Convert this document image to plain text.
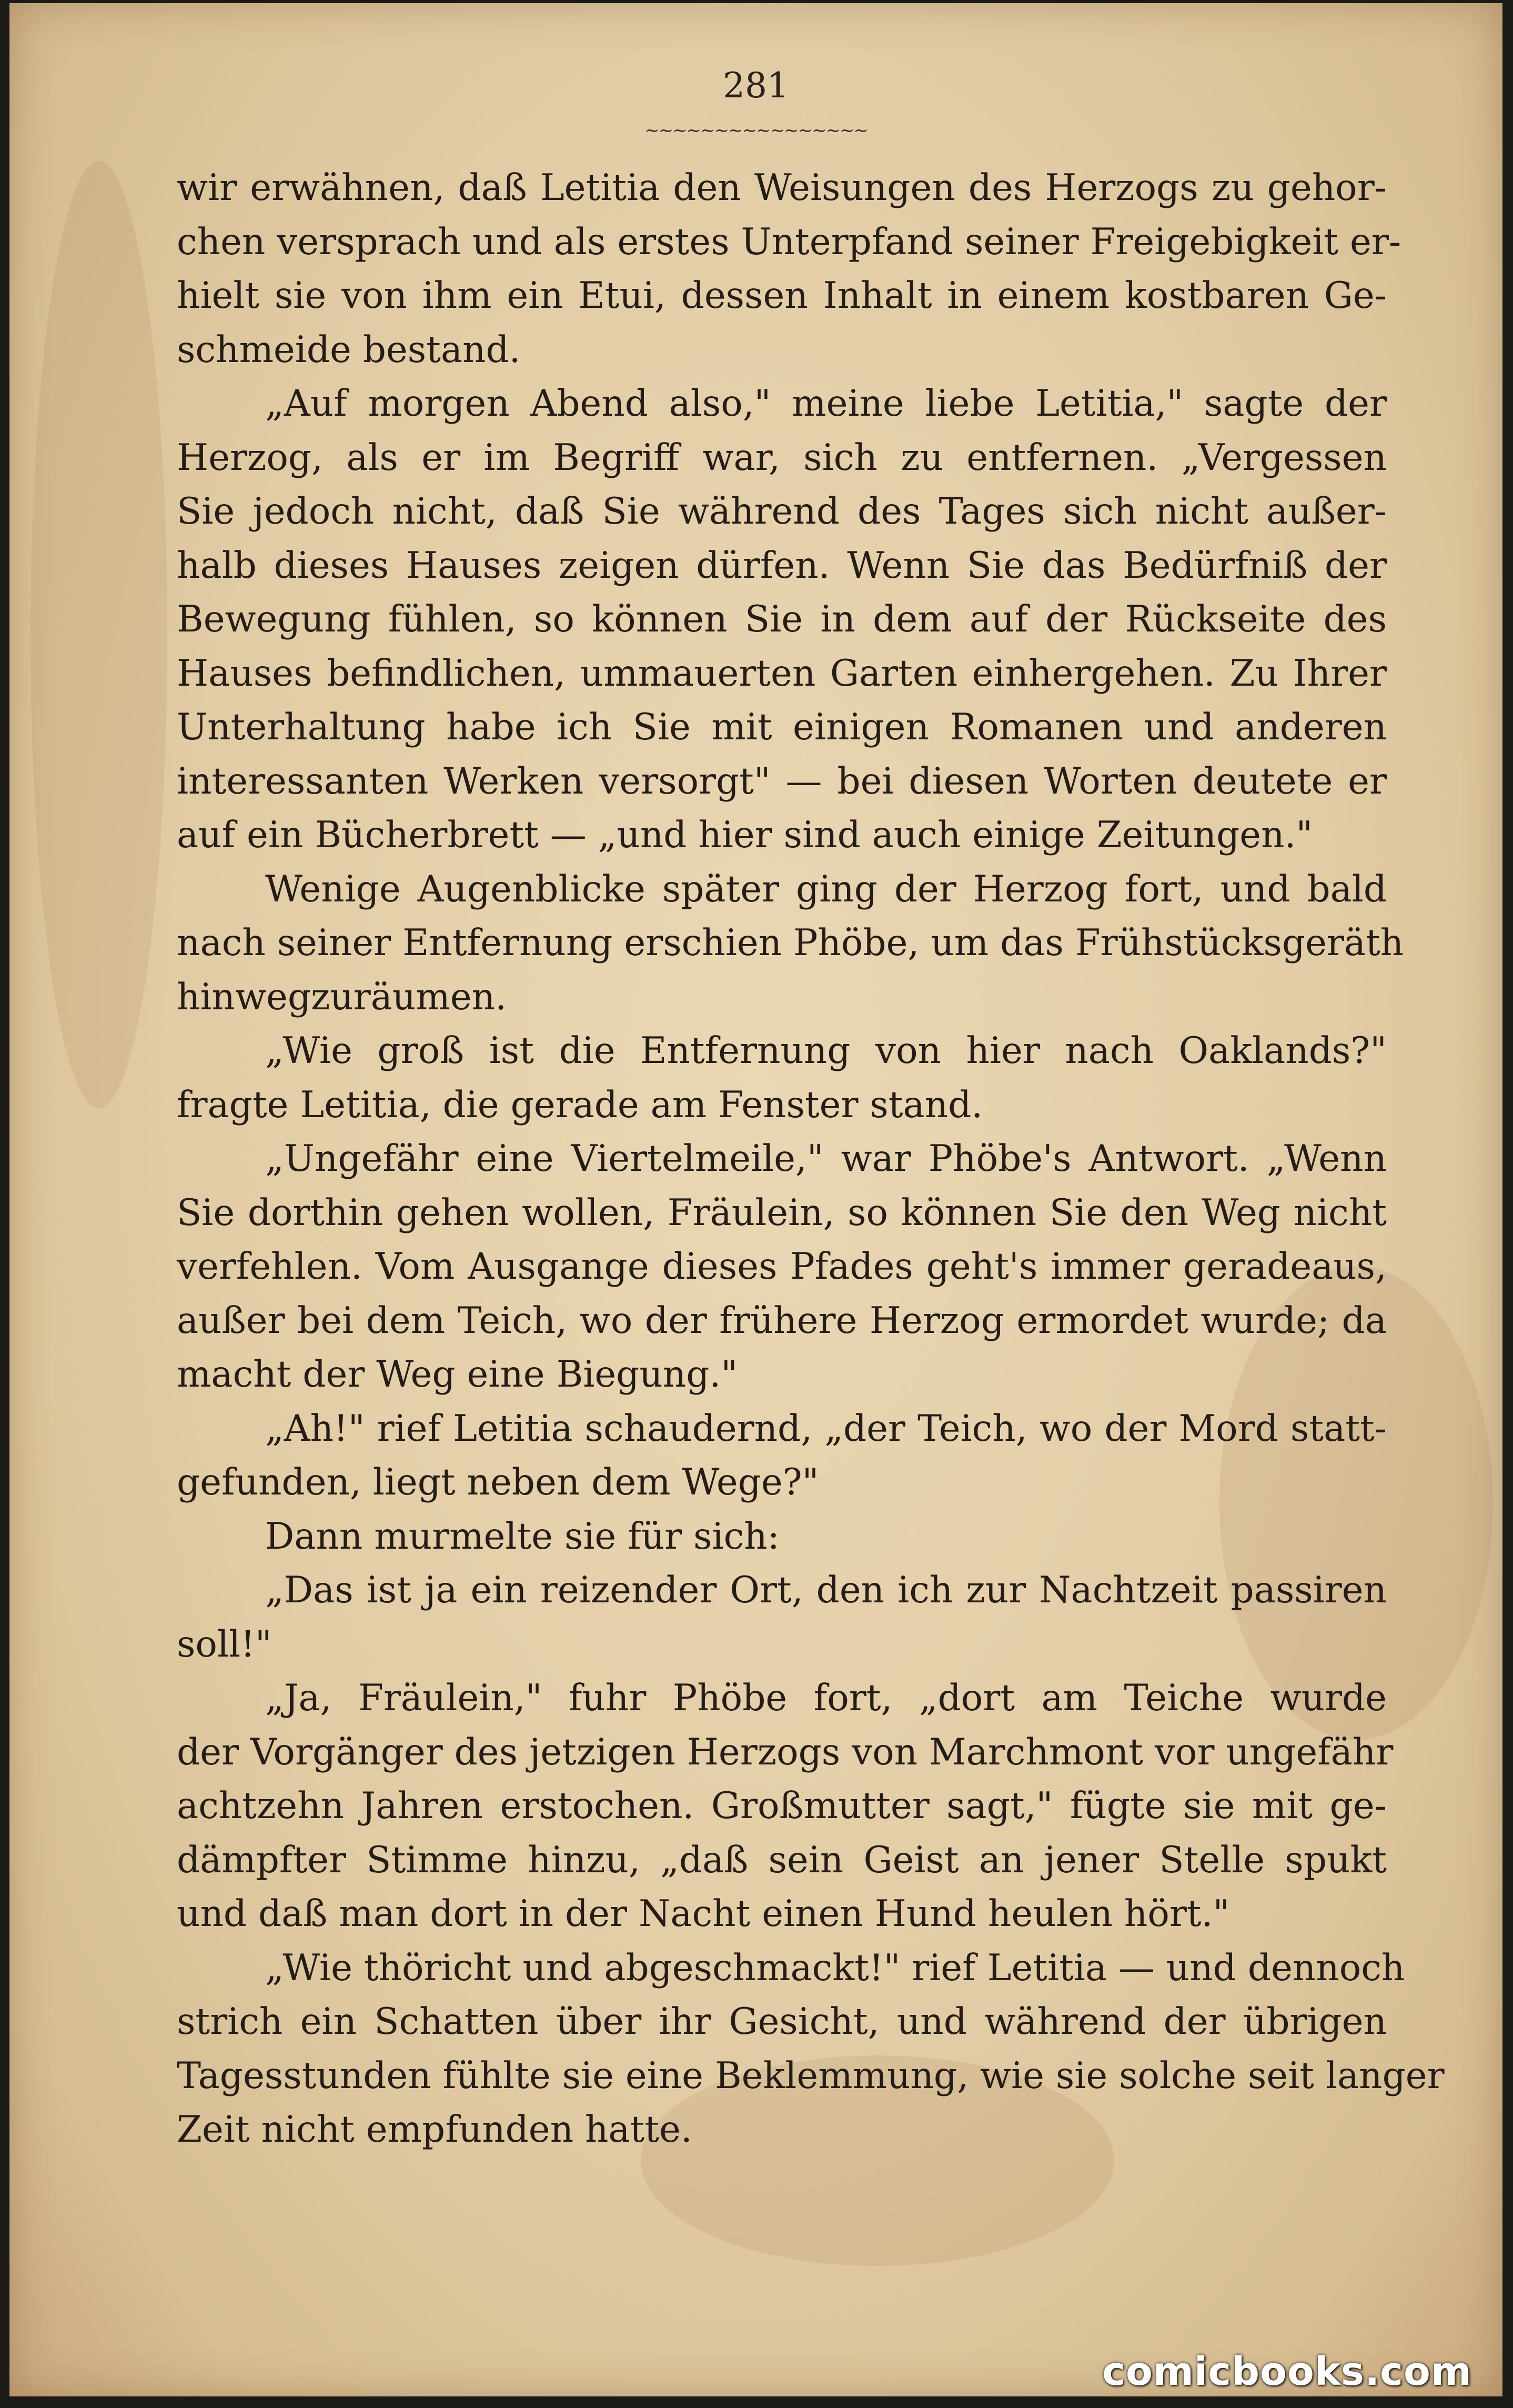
281
~~~~~~~~~~~~~~~~
wir erwähnen, daß Letitia den Weisungen des Herzogs zu gehor-
chen versprach und als erstes Unterpfand seiner Freigebigkeit er-
hielt sie von ihm ein Etui, dessen Inhalt in einem kostbaren Ge-
schmeide bestand.
„Auf morgen Abend also," meine liebe Letitia," sagte der
Herzog, als er im Begriff war, sich zu entfernen. „Vergessen
Sie jedoch nicht, daß Sie während des Tages sich nicht außer-
halb dieses Hauses zeigen dürfen. Wenn Sie das Bedürfniß der
Bewegung fühlen, so können Sie in dem auf der Rückseite des
Hauses befindlichen, ummauerten Garten einhergehen. Zu Ihrer
Unterhaltung habe ich Sie mit einigen Romanen und anderen
interessanten Werken versorgt" — bei diesen Worten deutete er
auf ein Bücherbrett — „und hier sind auch einige Zeitungen."
Wenige Augenblicke später ging der Herzog fort, und bald
nach seiner Entfernung erschien Phöbe, um das Frühstücksgeräth
hinwegzuräumen.
„Wie groß ist die Entfernung von hier nach Oaklands?"
fragte Letitia, die gerade am Fenster stand.
„Ungefähr eine Viertelmeile," war Phöbe's Antwort. „Wenn
Sie dorthin gehen wollen, Fräulein, so können Sie den Weg nicht
verfehlen. Vom Ausgange dieses Pfades geht's immer geradeaus,
außer bei dem Teich, wo der frühere Herzog ermordet wurde; da
macht der Weg eine Biegung."
„Ah!" rief Letitia schaudernd, „der Teich, wo der Mord statt-
gefunden, liegt neben dem Wege?"
Dann murmelte sie für sich:
„Das ist ja ein reizender Ort, den ich zur Nachtzeit passiren
soll!"
„Ja, Fräulein," fuhr Phöbe fort, „dort am Teiche wurde
der Vorgänger des jetzigen Herzogs von Marchmont vor ungefähr
achtzehn Jahren erstochen. Großmutter sagt," fügte sie mit ge-
dämpfter Stimme hinzu, „daß sein Geist an jener Stelle spukt
und daß man dort in der Nacht einen Hund heulen hört."
„Wie thöricht und abgeschmackt!" rief Letitia — und dennoch
strich ein Schatten über ihr Gesicht, und während der übrigen
Tagesstunden fühlte sie eine Beklemmung, wie sie solche seit langer
Zeit nicht empfunden hatte.
comicbooks.com
